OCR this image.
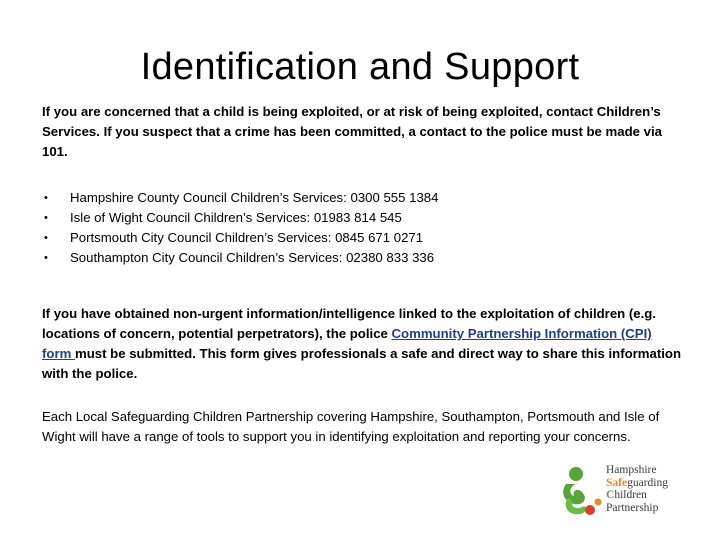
Identification and Support

If you are concerned that a child is being exploited, or at risk of being exploited, contact Children’s Services. If you suspect that a crime has been committed, a contact to the police must be made via 101.

• Hampshire County Council Children’s Services: 0300 555 1384
• Isle of Wight Council Children’s Services: 01983 814 545
• Portsmouth City Council Children’s Services: 0845 671 0271
• Southampton City Council Children’s Services: 02380 833 336

If you have obtained non-urgent information/intelligence linked to the exploitation of children (e.g. locations of concern, potential perpetrators), the police Community Partnership Information (CPI) form must be submitted. This form gives professionals a safe and direct way to share this information with the police.

Each Local Safeguarding Children Partnership covering Hampshire, Southampton, Portsmouth and Isle of Wight will have a range of tools to support you in identifying exploitation and reporting your concerns.

Hampshire
Safeguarding
Children
Partnership
